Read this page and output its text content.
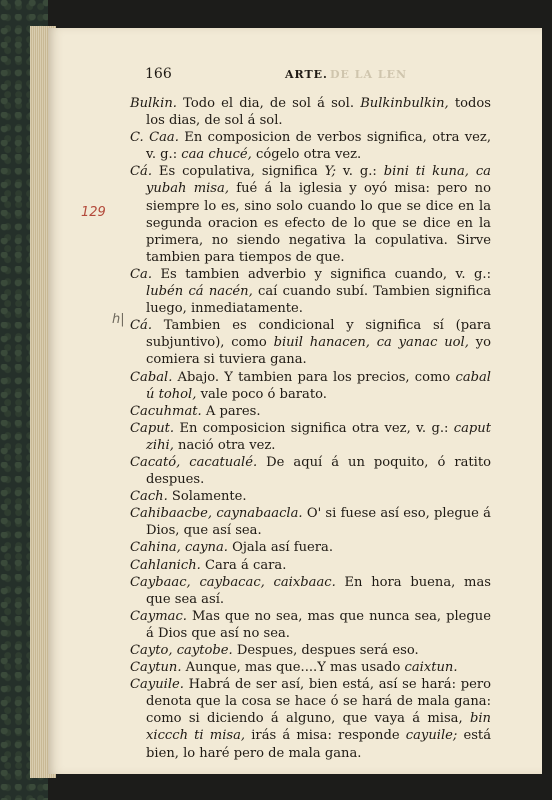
DE LA LEN
166	ARTE.
129
h|

Bulkin. Todo el dia, de sol á sol. Bulkinbulkin, todos los dias, de sol á sol.

C. Caa. En composicion de verbos significa, otra vez, v. g.: caa chucé, cógelo otra vez.

Cá. Es copulativa, significa Y; v. g.: bini ti kuna, ca yubah misa, fué á la iglesia y oyó misa: pero no siempre lo es, sino solo cuando lo que se dice en la segunda oracion es efecto de lo que se dice en la primera, no siendo negativa la copulativa. Sirve tambien para tiempos de que.

Ca. Es tambien adverbio y significa cuando, v. g.: lubén cá nacén, caí cuando subí. Tambien significa luego, inmediatamente.

Cá. Tambien es condicional y significa sí (para subjuntivo), como biuil hanacen, ca yanac uol, yo comiera si tuviera gana.

Cabal. Abajo. Y tambien para los precios, como cabal ú tohol, vale poco ó barato.

Cacuhmat. A pares.

Caput. En composicion significa otra vez, v. g.: caput zihi, nació otra vez.

Cacató, cacatualé. De aquí á un poquito, ó ratito despues.

Cach. Solamente.

Cahibaacbe, caynabaacla. O' si fuese así eso, plegue á Dios, que así sea.

Cahina, cayna. Ojala así fuera.

Cahlanich. Cara á cara.

Caybaac, caybacac, caixbaac. En hora buena, mas que sea así.

Caymac. Mas que no sea, mas que nunca sea, plegue á Dios que así no sea.

Cayto, caytobe. Despues, despues será eso.

Caytun. Aunque, mas que....Y mas usado caixtun.

Cayuile. Habrá de ser así, bien está, así se hará: pero denota que la cosa se hace ó se hará de mala gana: como si diciendo á alguno, que vaya á misa, bin xiccch ti misa, irás á misa: responde cayuile; está bien, lo haré pero de mala gana.
